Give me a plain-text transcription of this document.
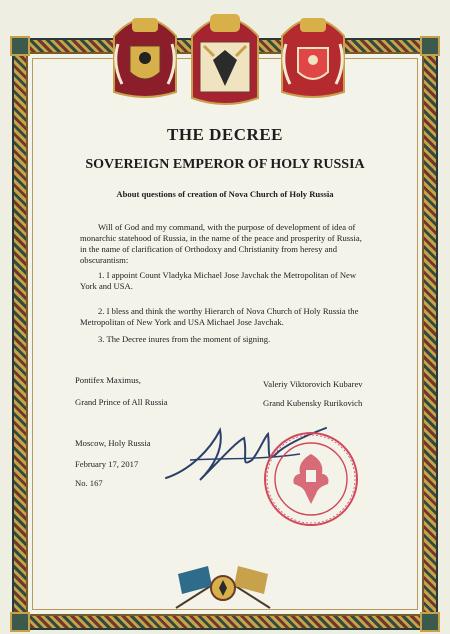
THE DECREE
SOVEREIGN EMPEROR OF HOLY RUSSIA
About questions of creation of Nova Church of Holy Russia
Will of God and my command, with the purpose of development of idea of
monarchic statehood of Russia, in the name of the peace and prosperity of Russia,
in the name of clarification of Orthodoxy and Christianity from heresy and
obscurantism:
1. I appoint Count Vladyka Michael Jose Javchak the Metropolitan of New
York and USA.
2. I bless and think the worthy Hierarch of Nova Church of Holy Russia the
Metropolitan of New York and USA Michael Jose Javchak.
3. The Decree inures from the moment of signing.
Pontifex Maximus,
Grand Prince of All Russia
Valeriy Viktorovich Kubarev
Grand Kubensky Rurikovich
Moscow, Holy Russia
February 17, 2017
No. 167
